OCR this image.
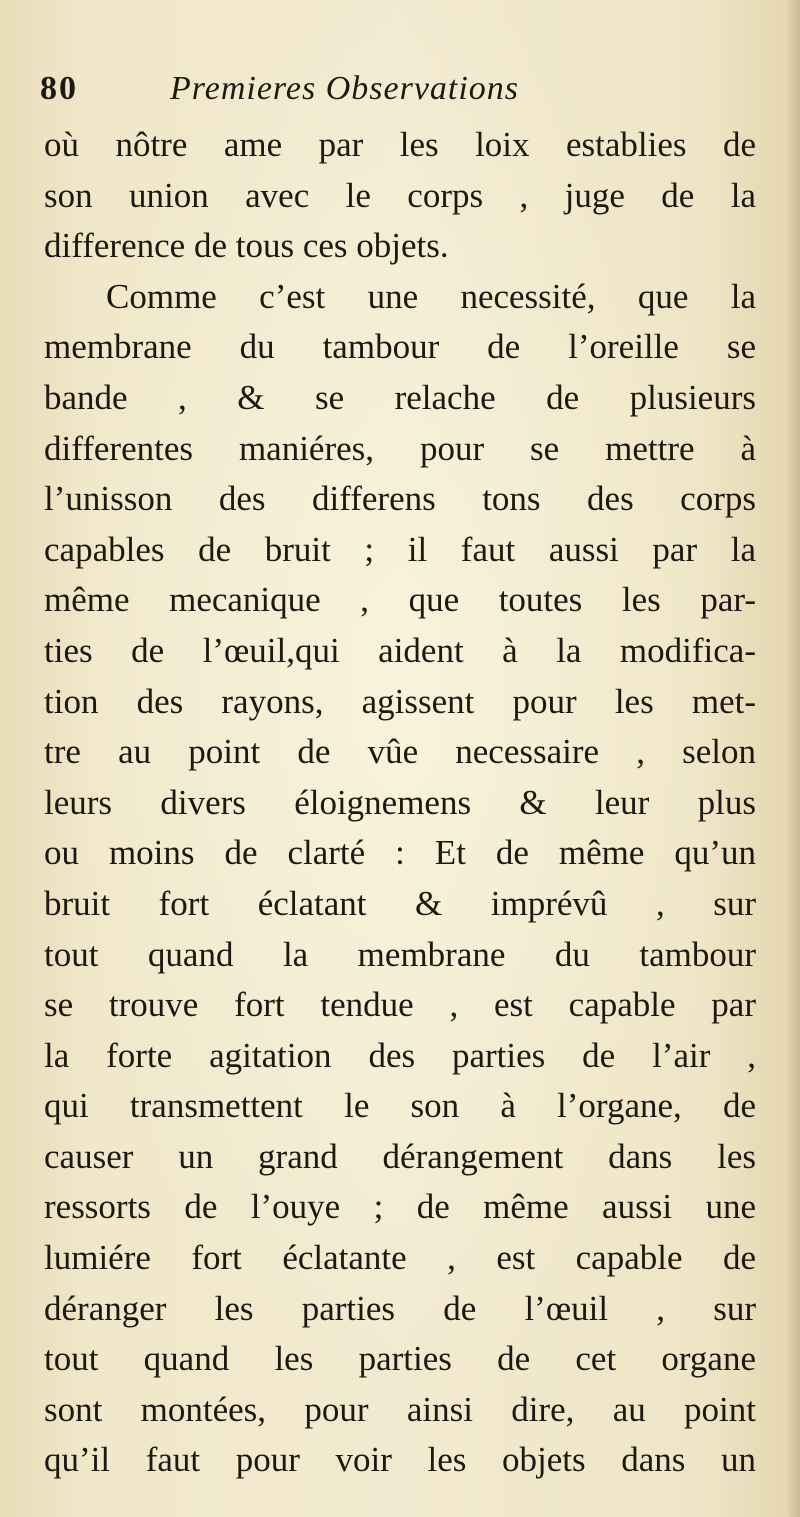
80	Premieres Observations
où nôtre ame par les loix establies de
son union avec le corps , juge de la
difference de tous ces objets.
Comme c’est une necessité, que la
membrane du tambour de l’oreille se
bande , & se relache de plusieurs
differentes maniéres, pour se mettre à
l’unisson des differens tons des corps
capables de bruit ; il faut aussi par la
même mecanique , que toutes les par-
ties de l’œuil,qui aident à la modifica-
tion des rayons, agissent pour les met-
tre au point de vûe necessaire , selon
leurs divers éloignemens & leur plus
ou moins de clarté : Et de même qu’un
bruit fort éclatant & imprévû , sur
tout quand la membrane du tambour
se trouve fort tendue , est capable par
la forte agitation des parties de l’air ,
qui transmettent le son à l’organe, de
causer un grand dérangement dans les
ressorts de l’ouye ; de même aussi une
lumiére fort éclatante , est capable de
déranger les parties de l’œuil , sur
tout quand les parties de cet organe
sont montées, pour ainsi dire, au point
qu’il faut pour voir les objets dans un
